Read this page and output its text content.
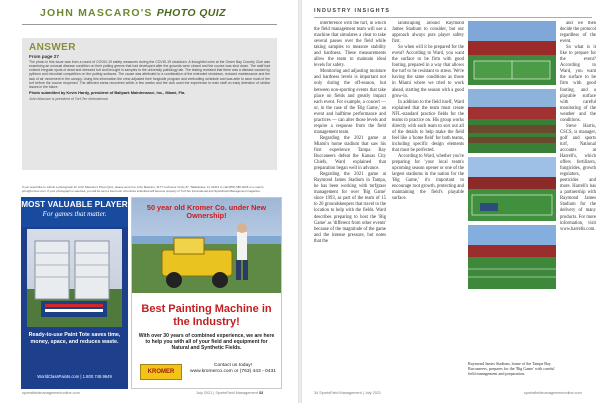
JOHN MASCARO'S PHOTO QUIZ
ANSWER
From page 27
The photo in this issue was from a round of COVID-19 safety measures during the COVID-19 shutdown. A thoughtful crew at the Green Bay Country Club was examining an unusual disease condition on their putting greens that had developed after the grounds were closed and the course was shut down. The staff had noticed irregular spots of dead and stressed turf and brought in samples to the university pathology lab. The testing revealed that there was a disease caused by pythium and microbial competition on the putting surfaces. The cause was attributed to a combination of the extended shutdown, reduced maintenance and the lack of air movement in the canopy. Using this information the crew adjusted their fungicide program and verticutting schedule and was able to save most of the turf before the course reopened. The affected areas recovered within a few weeks and the club used the experience to train staff on early detection of similar issues in the future.
Photo submitted by Kevin Hardy, president of Ballpark Maintenance, Inc., Miami, Fla.
John Mascaro is president of Turf-Tec International
If you would like to submit a photograph for John Mascaro's Photo Quiz, please send it to John Mascaro, 3177 Lochmoor Circle #7, Tallahassee, FL 32312 or call (850) 580-4026 or e-mail to john@turf-tec.com. If your photograph is selected, you will be sent a free book. All entries submitted will become property of Turf-Tec International and SportsField Management magazine.
MOST VALUABLE PLAYER
For games that matter.
Ready-to-use Paint Tote saves time, money, space, and reduces waste.
WorldClassPaints.com | 1.800.748.9649
50 year old Kromer Co. under New Ownership!
Best Painting Machine in the Industry!
With over 30 years of combined experience, we are here to help you with all of your field and equipment for Natural and Synthetic Fields.
KROMER
Contact us today!
www.kromerco.com or (763) 443 - 0431
sportsfieldmanagementonline.com	July 2021 | SportsField Management 33
INDUSTRY INSIGHTS

interference with the turf, in which the field management team will use a machine that simulates a cleat to take several passes over the field while taking samples to measure stability and hardness. These measurements allow the team to maintain ideal levels for safety.

Monitoring and adjusting moisture and hardness levels is important not only during the off-season, but between non-sporting events that take place on fields and greatly impact each event. For example, a concert — or, in the case of the 'Big Game,' an event and halftime performance and practices — can alter those levels and require a response from the field management team.

Regarding the 2021 game at Miami's home stadium that saw his first experience Tampa Bay Buccaneers defeat the Kansas City Chiefs, Ward explained that preparation began well in advance.

Regarding the 2021 game at Raymond James Stadium in Tampa, he has been working with turfgrass management for over 'Big Game' since 1993, as part of the team of 15 to 20 groundskeepers that travel to the location to help with the fields. Ward describes preparing to host the 'Big Game' as 'different from other events' because of the magnitude of the game and the intense pressure, but notes that the

landscaping around Raymond James Stadium to consider, but our approach always puts player safety first.

So when will it be prepared for the event? According to Ward, you want the surface to be firm with good footing, prepared in a way that allows the turf to be resistant to stress. We're having the same conditions as those in Miami where we tried to work ahead, starting the season with a good grow-in.

In addition to the field itself, Ward explained that the team must create NFL-standard practice fields for the teams to practice on. His group works directly with each team to sort out all of the details to help make the field feel like a 'home field' for both teams, including specific design elements that must be perfected.

According to Ward, whether you're preparing for 'your local team's upcoming season opener or one of the largest stadiums in the nation for the 'Big Game,' it's important to encourage root growth, protecting and maintaining the field's playable surface.

Raymond James Stadium, home of the Tampa Bay Buccaneers, prepares for the 'Big Game' with careful field management and preparation.

and we then decide the protocol regardless of the event.

So what is it like to prepare for the event? According to Ward, you want the surface to be firm with good footing, and a playable surface with careful monitoring of the weather and the conditions.

Steve Harris, CSCS, is manager, golf and sports turf, National accounts at Harrell's, which offers fertilizers, fungicides, growth regulators, pesticides and more. Harrell's has a partnership with Raymond James Stadium for the delivery of many products. For more information, visit www.harrells.com.

34 SportsField Management | July 2021	sportsfieldmanagementonline.com
